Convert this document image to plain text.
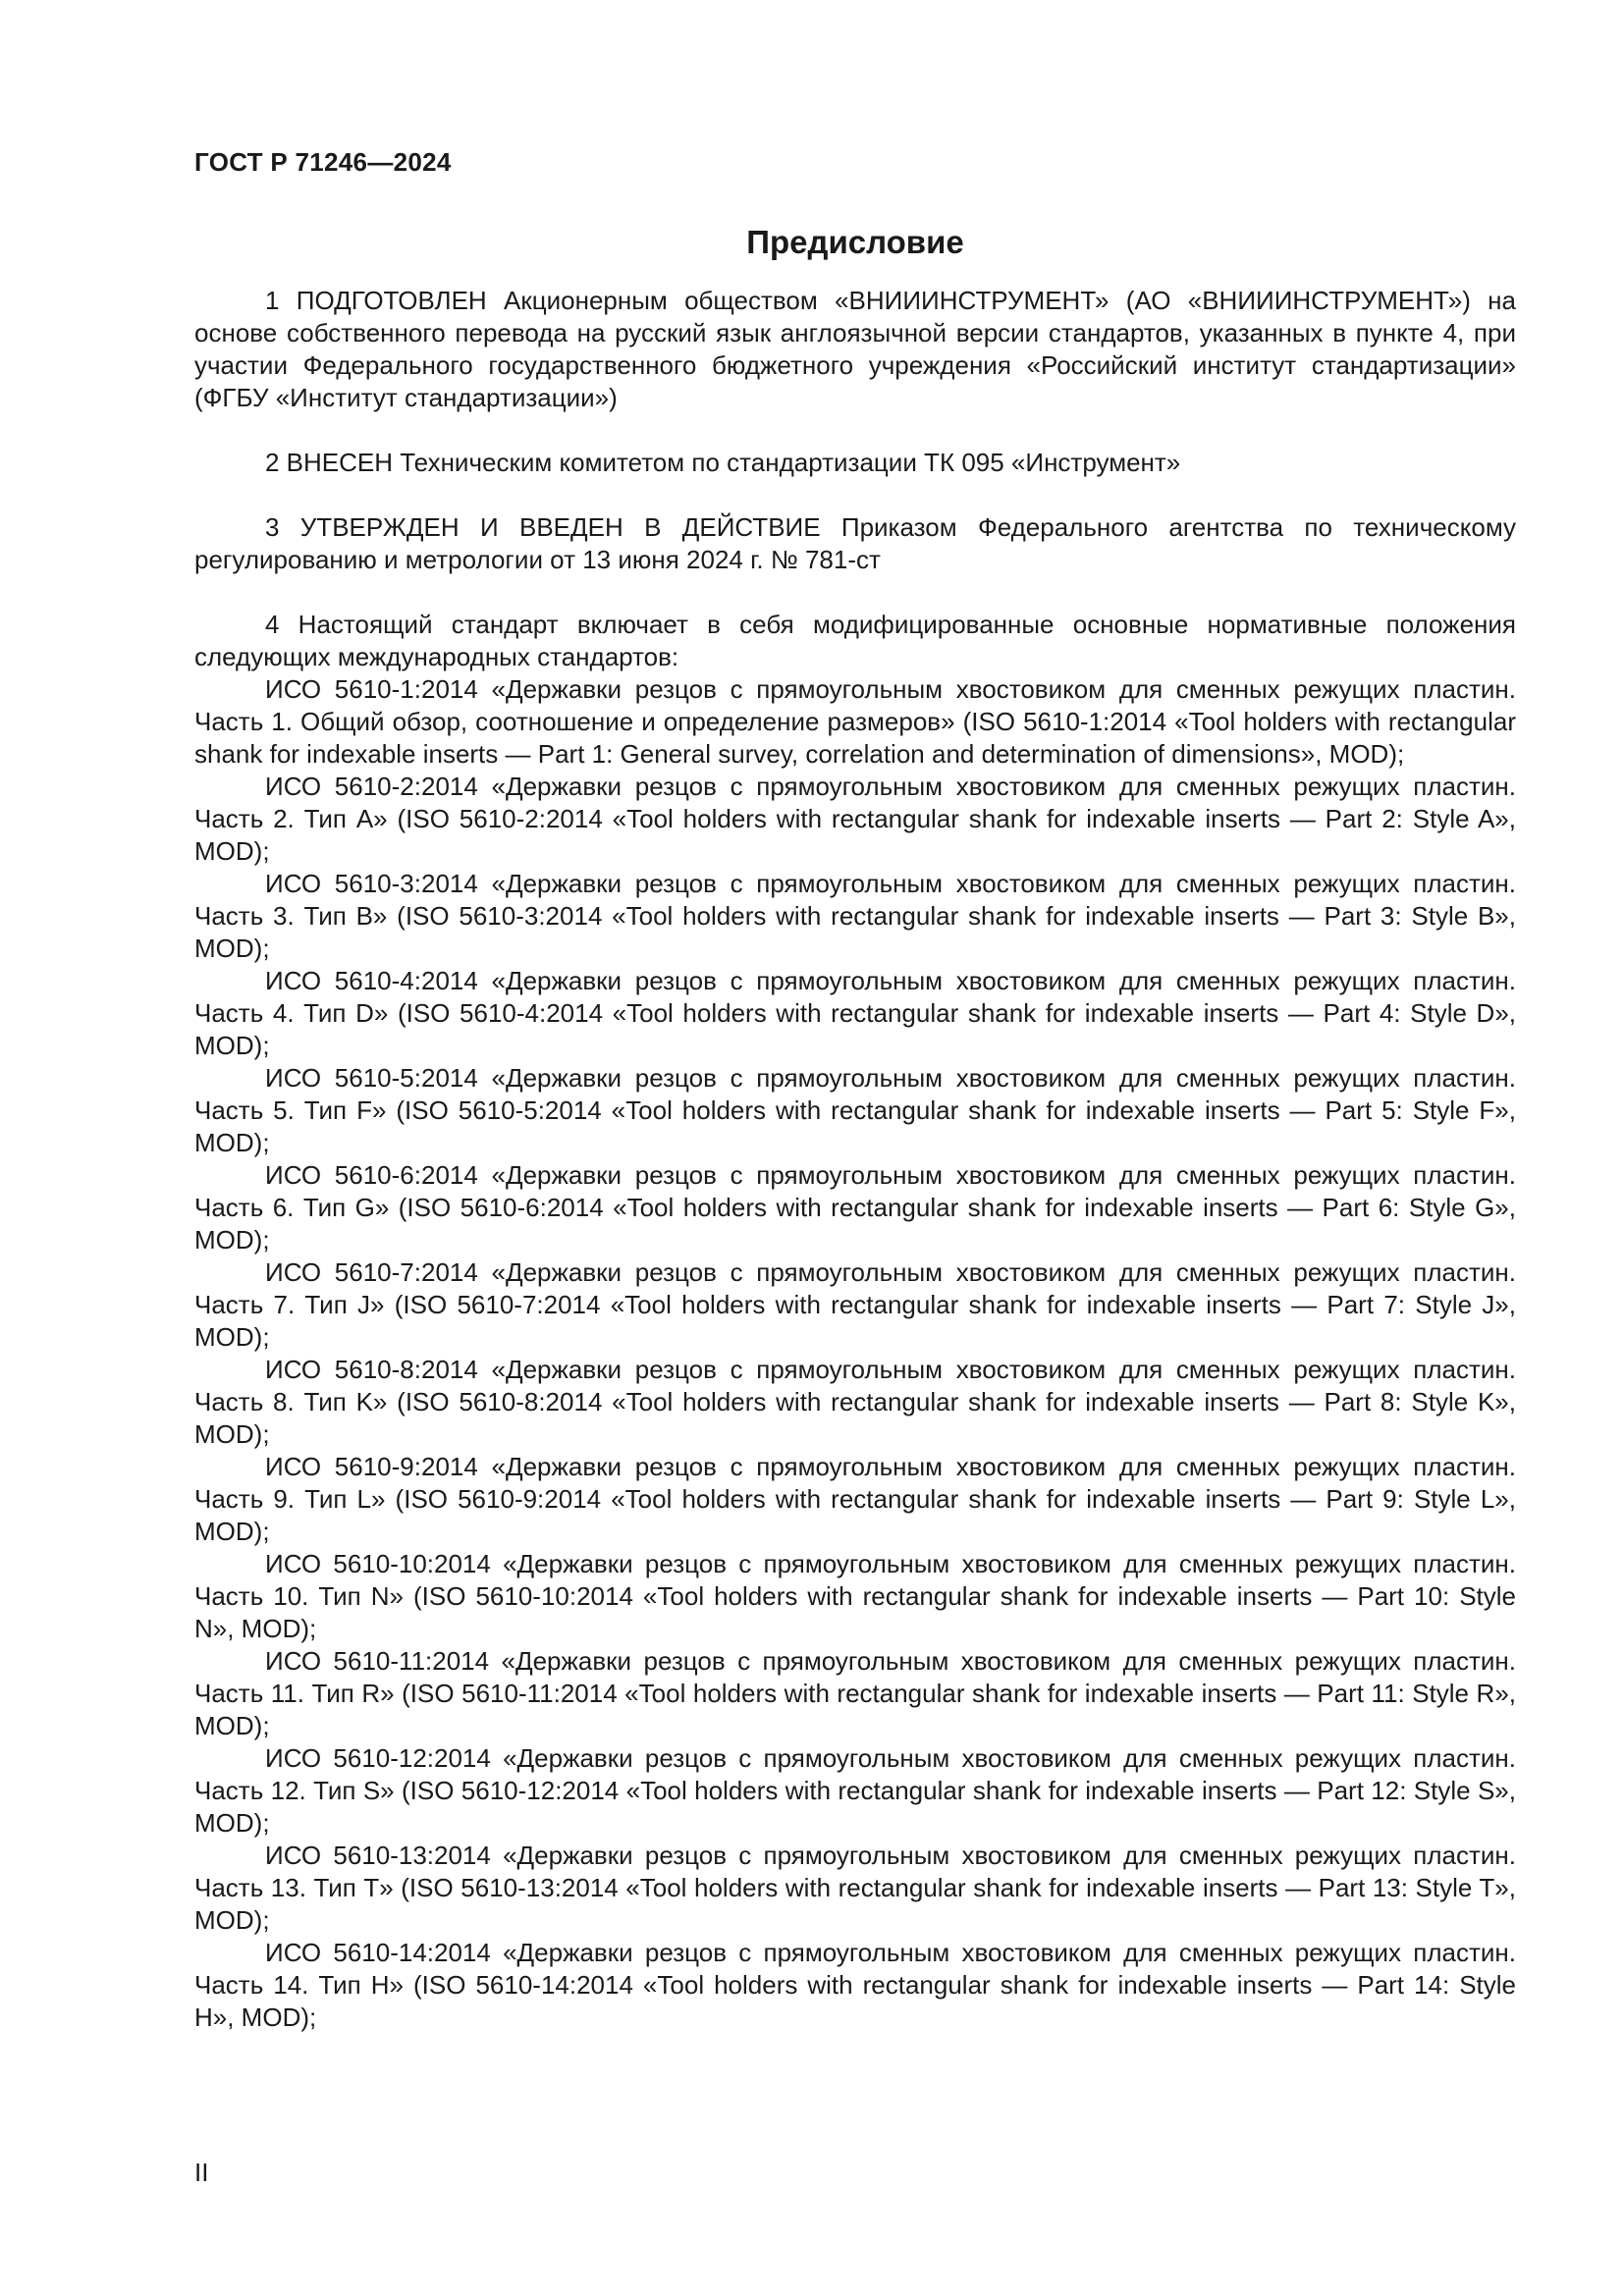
ГОСТ Р 71246—2024
Предисловие

1 ПОДГОТОВЛЕН Акционерным обществом «ВНИИИНСТРУМЕНТ» (АО «ВНИИИНСТРУМЕНТ») на основе собственного перевода на русский язык англоязычной версии стандартов, указанных в пункте 4, при участии Федерального государственного бюджетного учреждения «Российский институт стандартизации» (ФГБУ «Институт стандартизации»)

2 ВНЕСЕН Техническим комитетом по стандартизации ТК 095 «Инструмент»

3 УТВЕРЖДЕН И ВВЕДЕН В ДЕЙСТВИЕ Приказом Федерального агентства по техническому регулированию и метрологии от 13 июня 2024 г. № 781-ст

4 Настоящий стандарт включает в себя модифицированные основные нормативные положения следующих международных стандартов:

ИСО 5610-1:2014 «Державки резцов с прямоугольным хвостовиком для сменных режущих пластин. Часть 1. Общий обзор, соотношение и определение размеров» (ISO 5610-1:2014 «Tool holders with rectangular shank for indexable inserts — Part 1: General survey, correlation and determination of dimensions», MOD);

ИСО 5610-2:2014 «Державки резцов с прямоугольным хвостовиком для сменных режущих пластин. Часть 2. Тип A» (ISO 5610-2:2014 «Tool holders with rectangular shank for indexable inserts — Part 2: Style A», MOD);

ИСО 5610-3:2014 «Державки резцов с прямоугольным хвостовиком для сменных режущих пластин. Часть 3. Тип B» (ISO 5610-3:2014 «Tool holders with rectangular shank for indexable inserts — Part 3: Style B», MOD);

ИСО 5610-4:2014 «Державки резцов с прямоугольным хвостовиком для сменных режущих пластин. Часть 4. Тип D» (ISO 5610-4:2014 «Tool holders with rectangular shank for indexable inserts — Part 4: Style D», MOD);

ИСО 5610-5:2014 «Державки резцов с прямоугольным хвостовиком для сменных режущих пластин. Часть 5. Тип F» (ISO 5610-5:2014 «Tool holders with rectangular shank for indexable inserts — Part 5: Style F», MOD);

ИСО 5610-6:2014 «Державки резцов с прямоугольным хвостовиком для сменных режущих пластин. Часть 6. Тип G» (ISO 5610-6:2014 «Tool holders with rectangular shank for indexable inserts — Part 6: Style G», MOD);

ИСО 5610-7:2014 «Державки резцов с прямоугольным хвостовиком для сменных режущих пластин. Часть 7. Тип J» (ISO 5610-7:2014 «Tool holders with rectangular shank for indexable inserts — Part 7: Style J», MOD);

ИСО 5610-8:2014 «Державки резцов с прямоугольным хвостовиком для сменных режущих пластин. Часть 8. Тип K» (ISO 5610-8:2014 «Tool holders with rectangular shank for indexable inserts — Part 8: Style K», MOD);

ИСО 5610-9:2014 «Державки резцов с прямоугольным хвостовиком для сменных режущих пластин. Часть 9. Тип L» (ISO 5610-9:2014 «Tool holders with rectangular shank for indexable inserts — Part 9: Style L», MOD);

ИСО 5610-10:2014 «Державки резцов с прямоугольным хвостовиком для сменных режущих пластин. Часть 10. Тип N» (ISO 5610-10:2014 «Tool holders with rectangular shank for indexable inserts — Part 10: Style N», MOD);

ИСО 5610-11:2014 «Державки резцов с прямоугольным хвостовиком для сменных режущих пластин. Часть 11. Тип R» (ISO 5610-11:2014 «Tool holders with rectangular shank for indexable inserts — Part 11: Style R», MOD);

ИСО 5610-12:2014 «Державки резцов с прямоугольным хвостовиком для сменных режущих пластин. Часть 12. Тип S» (ISO 5610-12:2014 «Tool holders with rectangular shank for indexable inserts — Part 12: Style S», MOD);

ИСО 5610-13:2014 «Державки резцов с прямоугольным хвостовиком для сменных режущих пластин. Часть 13. Тип T» (ISO 5610-13:2014 «Tool holders with rectangular shank for indexable inserts — Part 13: Style T», MOD);

ИСО 5610-14:2014 «Державки резцов с прямоугольным хвостовиком для сменных режущих пластин. Часть 14. Тип H» (ISO 5610-14:2014 «Tool holders with rectangular shank for indexable inserts — Part 14: Style H», MOD);

II
